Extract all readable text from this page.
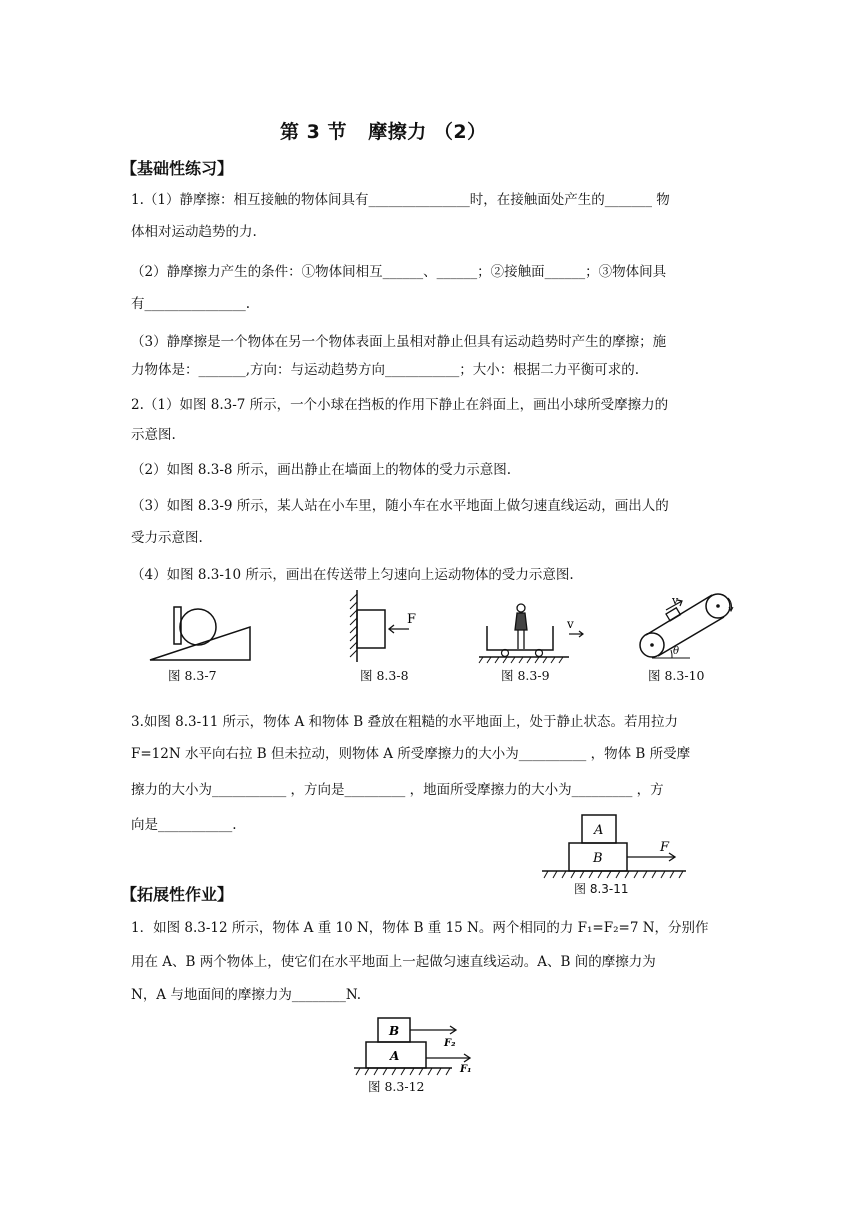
第 3 节   摩擦力 （2）
【基础性练习】
1.（1）静摩擦：相互接触的物体间具有_______________时，在接触面处产生的_______ 物
体相对运动趋势的力.
（2）静摩擦力产生的条件：①物体间相互______、______；②接触面______；③物体间具
有_______________.
（3）静摩擦是一个物体在另一个物体表面上虽相对静止但具有运动趋势时产生的摩擦；施
力物体是：_______,方向：与运动趋势方向___________；大小：根据二力平衡可求的.
2.（1）如图 8.3-7 所示，一个小球在挡板的作用下静止在斜面上，画出小球所受摩擦力的
示意图.
（2）如图 8.3-8 所示，画出静止在墙面上的物体的受力示意图.
（3）如图 8.3-9 所示，某人站在小车里，随小车在水平地面上做匀速直线运动，画出人的
受力示意图.
（4）如图 8.3-10 所示，画出在传送带上匀速向上运动物体的受力示意图.
图 8.3-7
F
图 8.3-8
v
图 8.3-9
θ
v
图 8.3-10
3.如图 8.3-11 所示，物体 A 和物体 B 叠放在粗糙的水平地面上，处于静止状态。若用拉力
F=12N 水平向右拉 B 但未拉动，则物体 A 所受摩擦力的大小为__________ ，物体 B 所受摩
擦力的大小为___________ ，方向是_________ ，地面所受摩擦力的大小为_________ ，方
向是___________.	A
B
F
图 8.3-11
【拓展性作业】
1．如图 8.3-12 所示，物体 A 重 10 N，物体 B 重 15 N。两个相同的力 F₁=F₂=7 N，分别作
用在 A、B 两个物体上，使它们在水平地面上一起做匀速直线运动。A、B 间的摩擦力为
N，A 与地面间的摩擦力为________N.
B
A
F₂
F₁
图 8.3-12
